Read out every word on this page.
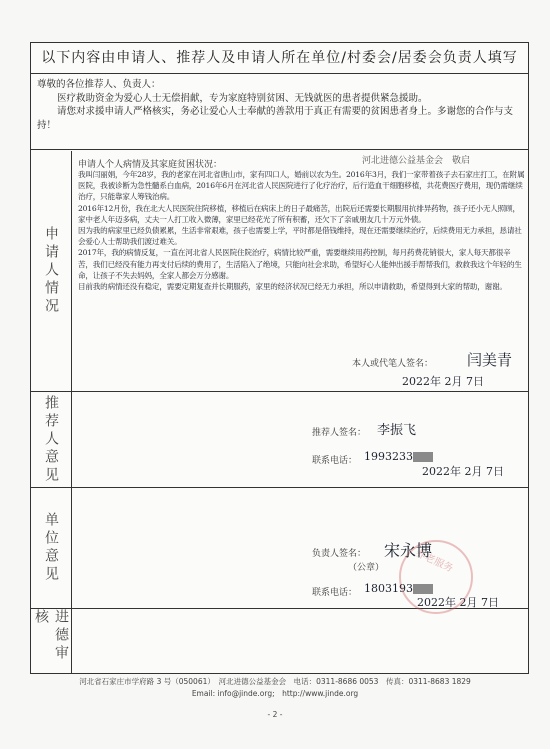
以下内容由申请人、推荐人及申请人所在单位/村委会/居委会负责人填写

尊敬的各位推荐人、负责人：

医疗救助资金为爱心人士无偿捐献，专为家庭特别贫困、无钱就医的患者提供紧急援助。

请您对求援申请人严格核实，务必让爱心人士奉献的善款用于真正有需要的贫困患者身上。多谢您的合作与支持！

申请人情况
河北进德公益基金会　敬启
申请人个人病情及其家庭贫困状况：

我叫闫丽娟，今年28岁，我的老家在河北省唐山市，家有四口人，婚前以农为生。2016年3月，我们一家带着孩子去石家庄打工，在附属医院，我被诊断为急性髓系白血病，2016年6月在河北省人民医院进行了化疗治疗，后行造血干细胞移植，共花费医疗费用，现仍需继续治疗，只能靠家人筹钱治病。

2016年12月份，我在北大人民医院住院移植，移植后在病床上的日子最痛苦，出院后还需要长期服用抗排异药物，孩子还小无人照顾，家中老人年迈多病，丈夫一人打工收入微薄，家里已经花光了所有积蓄，还欠下了亲戚朋友几十万元外债。

因为我的病家里已经负债累累，生活非常艰难，孩子也需要上学，平时都是借钱维持，现在还需要继续治疗，后续费用无力承担，恳请社会爱心人士帮助我们渡过难关。

2017年，我的病情反复，一直在河北省人民医院住院治疗，病情比较严重，需要继续用药控制，每月药费花销很大，家人每天都很辛苦，我们已经没有能力再支付后续的费用了，生活陷入了绝境，只能向社会求助，希望好心人能伸出援手帮帮我们，救救我这个年轻的生命，让孩子不失去妈妈，全家人都会万分感谢。

目前我的病情还没有稳定，需要定期复查并长期服药，家里的经济状况已经无力承担，所以申请救助，希望得到大家的帮助，谢谢。

本人或代笔人签名： 闫美青
2022年 2月 7日
推荐人意见	推荐人签名： 李振飞
联系电话： 1993233
2022年 2月 7日
单位意见	养老服务
负责人签名：
（公章）
宋永博
联系电话： 1803193
2022年 2月 7日
进德审核
河北省石家庄市学府路 3 号（050061）　河北进德公益基金会　电话：0311-8686 0053　传真：0311-8683 1829
Email: info@jinde.org;　http://www.jinde.org
- 2 -
